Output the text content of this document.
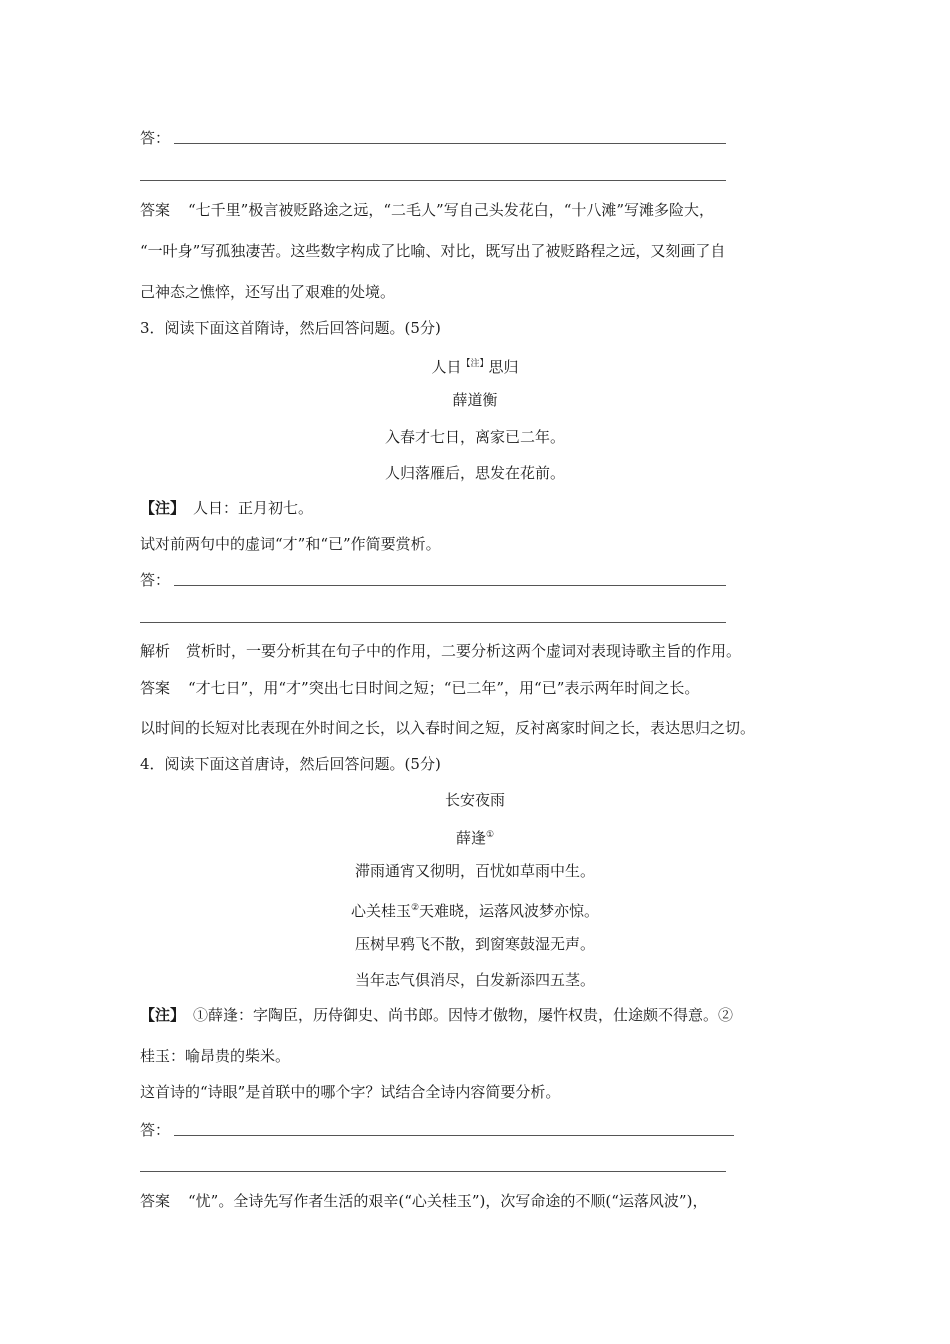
答：
答案 “七千里”极言被贬路途之远，“二毛人”写自己头发花白，“十八滩”写滩多险大，
“一叶身”写孤独凄苦。这些数字构成了比喻、对比，既写出了被贬路程之远，又刻画了自
己神态之憔悴，还写出了艰难的处境。
3．阅读下面这首隋诗，然后回答问题。(5分)
人日$^{【注】}$思归
薛道衡
入春才七日，离家已二年。
人归落雁后，思发在花前。
【注】 人日：正月初七。
试对前两句中的虚词“才”和“已”作简要赏析。
答：
解析 赏析时，一要分析其在句子中的作用，二要分析这两个虚词对表现诗歌主旨的作用。
答案 “才七日”，用“才”突出七日时间之短；“已二年”，用“已”表示两年时间之长。
以时间的长短对比表现在外时间之长，以入春时间之短，反衬离家时间之长，表达思归之切。
4．阅读下面这首唐诗，然后回答问题。(5分)
长安夜雨
薛逢①
滞雨通宵又彻明，百忧如草雨中生。
心关桂玉②天难晓，运落风波梦亦惊。
压树早鸦飞不散，到窗寒鼓湿无声。
当年志气俱消尽，白发新添四五茎。
【注】 ①薛逢：字陶臣，历侍御史、尚书郎。因恃才傲物，屡忤权贵，仕途颇不得意。②
桂玉：喻昂贵的柴米。
这首诗的“诗眼”是首联中的哪个字？试结合全诗内容简要分析。
答：
答案 “忧”。全诗先写作者生活的艰辛(“心关桂玉”)，次写命途的不顺(“运落风波”)，
